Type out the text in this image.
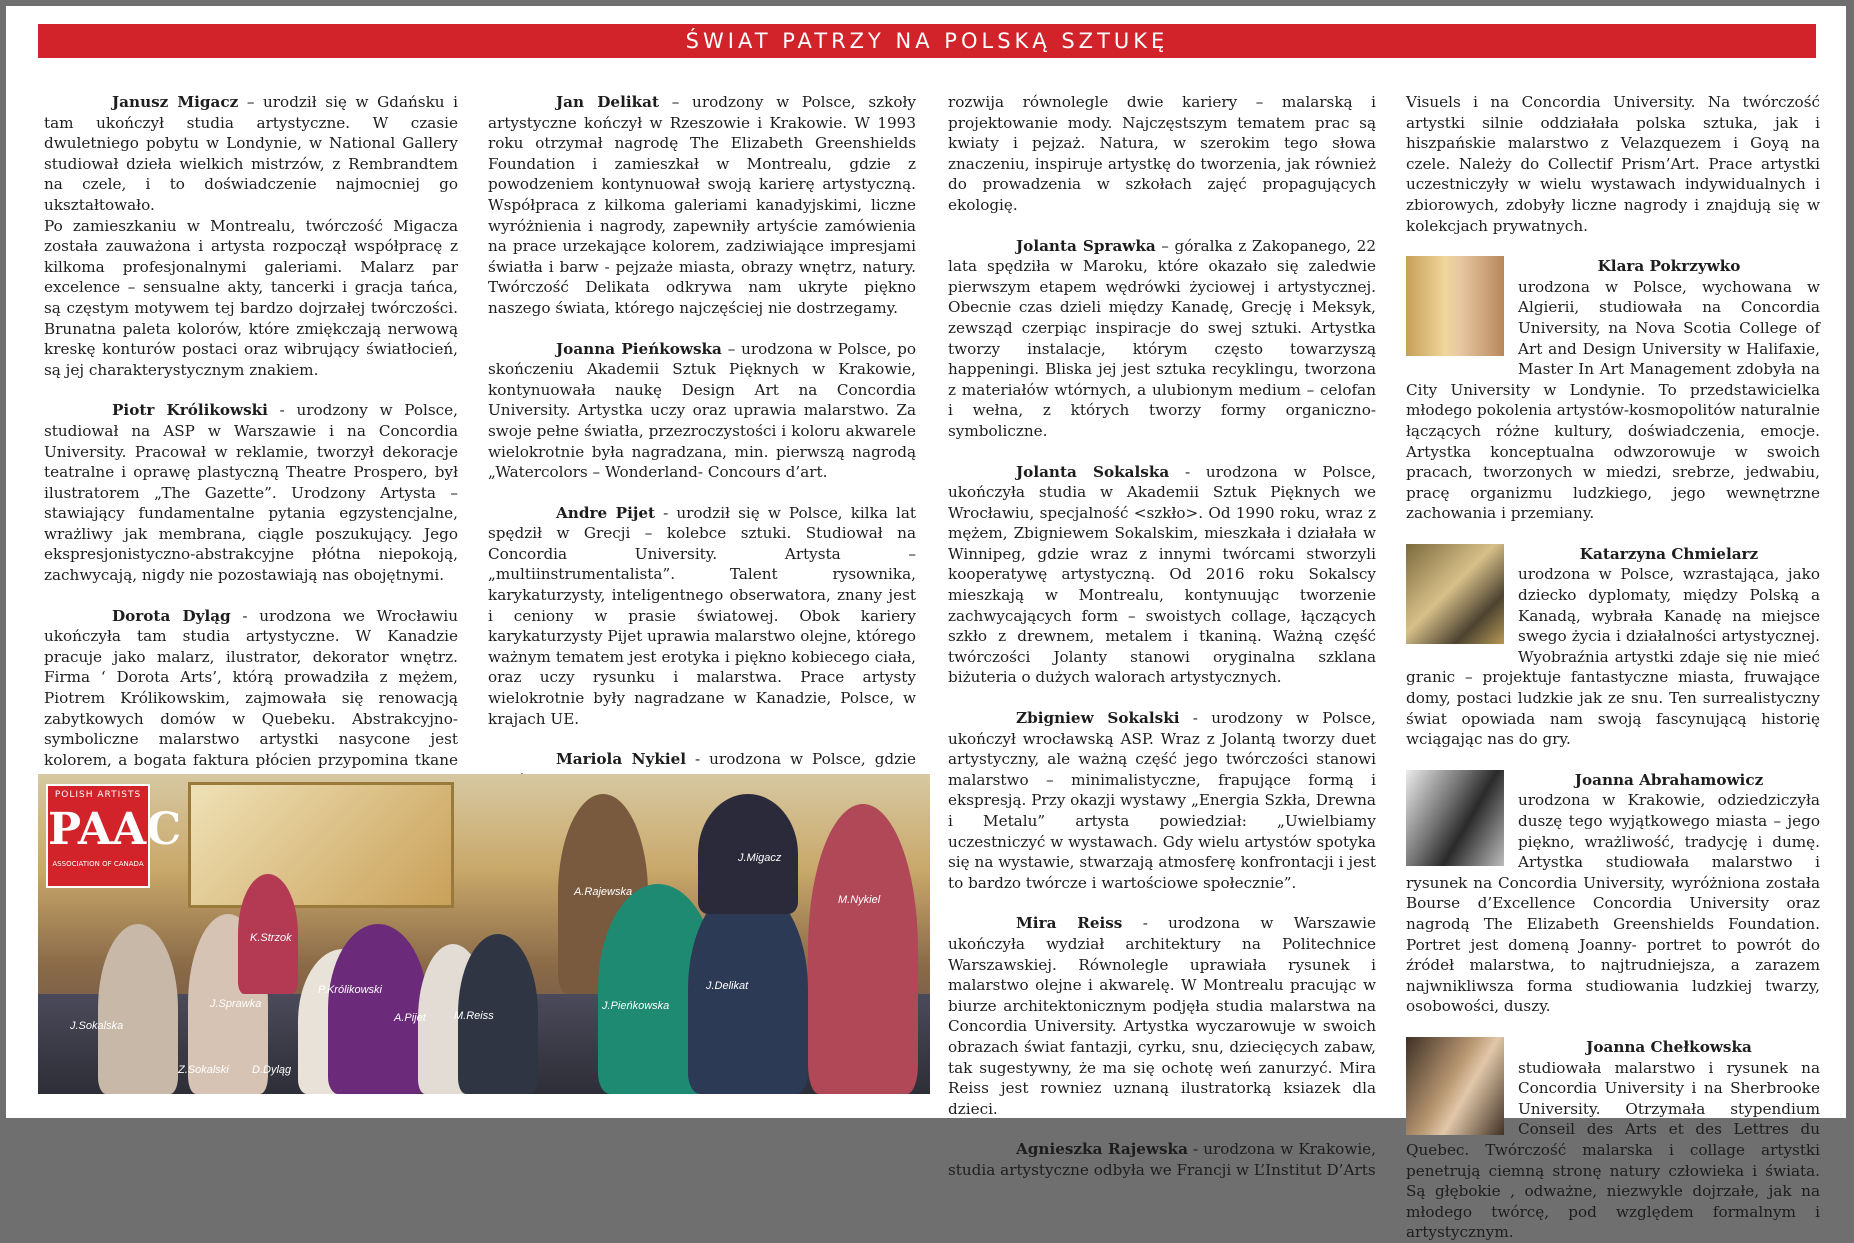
ŚWIAT PATRZY NA POLSKĄ SZTUKĘ

Janusz Migacz – urodził się w Gdańsku i tam ukończył studia artystyczne. W czasie dwuletniego pobytu w Londynie, w National Gallery studiował dzieła wielkich mistrzów, z Rembrandtem na czele, i to doświadczenie najmocniej go ukształtowało.

Po zamieszkaniu w Montrealu, twórczość Migacza została zauważona i artysta rozpoczął współpracę z kilkoma profesjonalnymi galeriami. Malarz par excelence – sensualne akty, tancerki i gracja tańca, są częstym motywem tej bardzo dojrzałej twórczości. Brunatna paleta kolorów, które zmiękczają nerwową kreskę konturów postaci oraz wibrujący światłocień, są jej charakterystycznym znakiem.

Piotr Królikowski - urodzony w Polsce, studiował na ASP w Warszawie i na Concordia University. Pracował w reklamie, tworzył dekoracje teatralne i oprawę plastyczną Theatre Prospero, był ilustratorem „The Gazette”. Urodzony Artysta – stawiający fundamentalne pytania egzystencjalne, wrażliwy jak membrana, ciągle poszukujący. Jego ekspresjonistyczno-abstrakcyjne płótna niepokoją, zachwycają, nigdy nie pozostawiają nas obojętnymi.

Dorota Dyląg - urodzona we Wrocławiu ukończyła tam studia artystyczne. W Kanadzie pracuje jako malarz, ilustrator, dekorator wnętrz. Firma ‘ Dorota Arts’, którą prowadziła z mężem, Piotrem Królikowskim, zajmowała się renowacją zabytkowych domów w Quebeku. Abstrakcyjno-symboliczne malarstwo artystki nasycone jest kolorem, a bogata faktura płócien przypomina tkane

Jan Delikat – urodzony w Polsce, szkoły artystyczne kończył w Rzeszowie i Krakowie. W 1993 roku otrzymał nagrodę The Elizabeth Greenshields Foundation i zamieszkał w Montrealu, gdzie z powodzeniem kontynuował swoją karierę artystyczną. Współpraca z kilkoma galeriami kanadyjskimi, liczne wyróżnienia i nagrody, zapewniły artyście zamówienia na prace urzekające kolorem, zadziwiające impresjami światła i barw - pejzaże miasta, obrazy wnętrz, natury. Twórczość Delikata odkrywa nam ukryte piękno naszego świata, którego najczęściej nie dostrzegamy.

Joanna Pieńkowska – urodzona w Polsce, po skończeniu Akademii Sztuk Pięknych w Krakowie, kontynuowała naukę Design Art na Concordia University. Artystka uczy oraz uprawia malarstwo. Za swoje pełne światła, przezroczystości i koloru akwarele wielokrotnie była nagradzana, min. pierwszą nagrodą „Watercolors – Wonderland- Concours d’art.

Andre Pijet - urodził się w Polsce, kilka lat spędził w Grecji – kolebce sztuki. Studiował na Concordia University. Artysta – „multiinstrumentalista”. Talent rysownika, karykaturzysty, inteligentnego obserwatora, znany jest i ceniony w prasie światowej. Obok kariery karykaturzysty Pijet uprawia malarstwo olejne, którego ważnym tematem jest erotyka i piękno kobiecego ciała, oraz uczy rysunku i malarstwa. Prace artysty wielokrotnie były nagradzane w Kanadzie, Polsce, w krajach UE.

Mariola Nykiel - urodzona w Polsce, gdzie

rozwija równolegle dwie kariery – malarską i projektowanie mody. Najczęstszym tematem prac są kwiaty i pejzaż. Natura, w szerokim tego słowa znaczeniu, inspiruje artystkę do tworzenia, jak również do prowadzenia w szkołach zajęć propagujących ekologię.

Jolanta Sprawka – góralka z Zakopanego, 22 lata spędziła w Maroku, które okazało się zaledwie pierwszym etapem wędrówki życiowej i artystycznej. Obecnie czas dzieli między Kanadę, Grecję i Meksyk, zewsząd czerpiąc inspiracje do swej sztuki. Artystka tworzy instalacje, którym często towarzyszą happeningi. Bliska jej jest sztuka recyklingu, tworzona z materiałów wtórnych, a ulubionym medium – celofan i wełna, z których tworzy formy organiczno-symboliczne.

Jolanta Sokalska - urodzona w Polsce, ukończyła studia w Akademii Sztuk Pięknych we Wrocławiu, specjalność <szkło>. Od 1990 roku, wraz z mężem, Zbigniewem Sokalskim, mieszkała i działała w Winnipeg, gdzie wraz z innymi twórcami stworzyli kooperatywę artystyczną. Od 2016 roku Sokalscy mieszkają w Montrealu, kontynuując tworzenie zachwycających form – swoistych collage, łączących szkło z drewnem, metalem i tkaniną. Ważną część twórczości Jolanty stanowi oryginalna szklana biżuteria o dużych walorach artystycznych.

Zbigniew Sokalski - urodzony w Polsce, ukończył wrocławską ASP. Wraz z Jolantą tworzy duet artystyczny, ale ważną część jego twórczości stanowi malarstwo – minimalistyczne, frapujące formą i ekspresją. Przy okazji wystawy „Energia Szkła, Drewna i Metalu” artysta powiedział: „Uwielbiamy uczestniczyć w wystawach. Gdy wielu artystów spotyka się na wystawie, stwarzają atmosferę konfrontacji i jest to bardzo twórcze i wartościowe społecznie”.

Mira Reiss - urodzona w Warszawie ukończyła wydział architektury na Politechnice Warszawskiej. Równolegle uprawiała rysunek i malarstwo olejne i akwarelę. W Montrealu pracując w biurze architektonicznym podjęła studia malarstwa na Concordia University. Artystka wyczarowuje w swoich obrazach świat fantazji, cyrku, snu, dziecięcych zabaw, tak sugestywny, że ma się ochotę weń zanurzyć. Mira Reiss jest rowniez uznaną ilustratorką ksiazek dla dzieci.

Agnieszka Rajewska - urodzona w Krakowie, studia artystyczne odbyła we Francji w L’Institut D’Arts

Visuels i na Concordia University. Na twórczość artystki silnie oddziałała polska sztuka, jak i hiszpańskie malarstwo z Velazquezem i Goyą na czele. Należy do Collectif Prism’Art. Prace artystki uczestniczyły w wielu wystawach indywidualnych i zbiorowych, zdobyły liczne nagrody i znajdują się w kolekcjach prywatnych.

Klara Pokrzywko
urodzona w Polsce, wychowana w Algierii, studiowała na Concordia University, na Nova Scotia College of Art and Design University w Halifaxie, Master In Art Management zdobyła na City University w Londynie. To przedstawicielka młodego pokolenia artystów-kosmopolitów naturalnie łączących różne kultury, doświadczenia, emocje. Artystka konceptualna odwzorowuje w swoich pracach, tworzonych w miedzi, srebrze, jedwabiu, pracę organizmu ludzkiego, jego wewnętrzne zachowania i przemiany.
Katarzyna Chmielarz
urodzona w Polsce, wzrastająca, jako dziecko dyplomaty, między Polską a Kanadą, wybrała Kanadę na miejsce swego życia i działalności artystycznej. Wyobraźnia artystki zdaje się nie mieć granic – projektuje fantastyczne miasta, fruwające domy, postaci ludzkie jak ze snu. Ten surrealistyczny świat opowiada nam swoją fascynującą historię wciągając nas do gry.
Joanna Abrahamowicz
urodzona w Krakowie, odziedziczyła duszę tego wyjątkowego miasta – jego piękno, wrażliwość, tradycję i dumę. Artystka studiowała malarstwo i rysunek na Concordia University, wyróżniona została Bourse d’Excellence Concordia University oraz nagrodą The Elizabeth Greenshields Foundation. Portret jest domeną Joanny- portret to powrót do źródeł malarstwa, to najtrudniejsza, a zarazem najwnikliwsza forma studiowania ludzkiej twarzy, osobowości, duszy.
Joanna Chełkowska
studiowała malarstwo i rysunek na Concordia University i na Sherbrooke University. Otrzymała stypendium Conseil des Arts et des Lettres du Quebec. Twórczość malarska i collage artystki penetrują ciemną stronę natury człowieka i świata. Są głębokie , odważne, niezwykle dojrzałe, jak na młodego twórcę, pod względem formalnym i artystycznym.
POLISH ARTISTS
PAAC
ASSOCIATION OF CANADA
J.Sokalska
Z.Sokalski
J.Sprawka
D.Dyląg
K.Strzok
P.Królikowski
A.Pijet	M.Reiss
A.Rajewska
J.Pieńkowska
J.Delikat
J.Migacz
M.Nykiel
